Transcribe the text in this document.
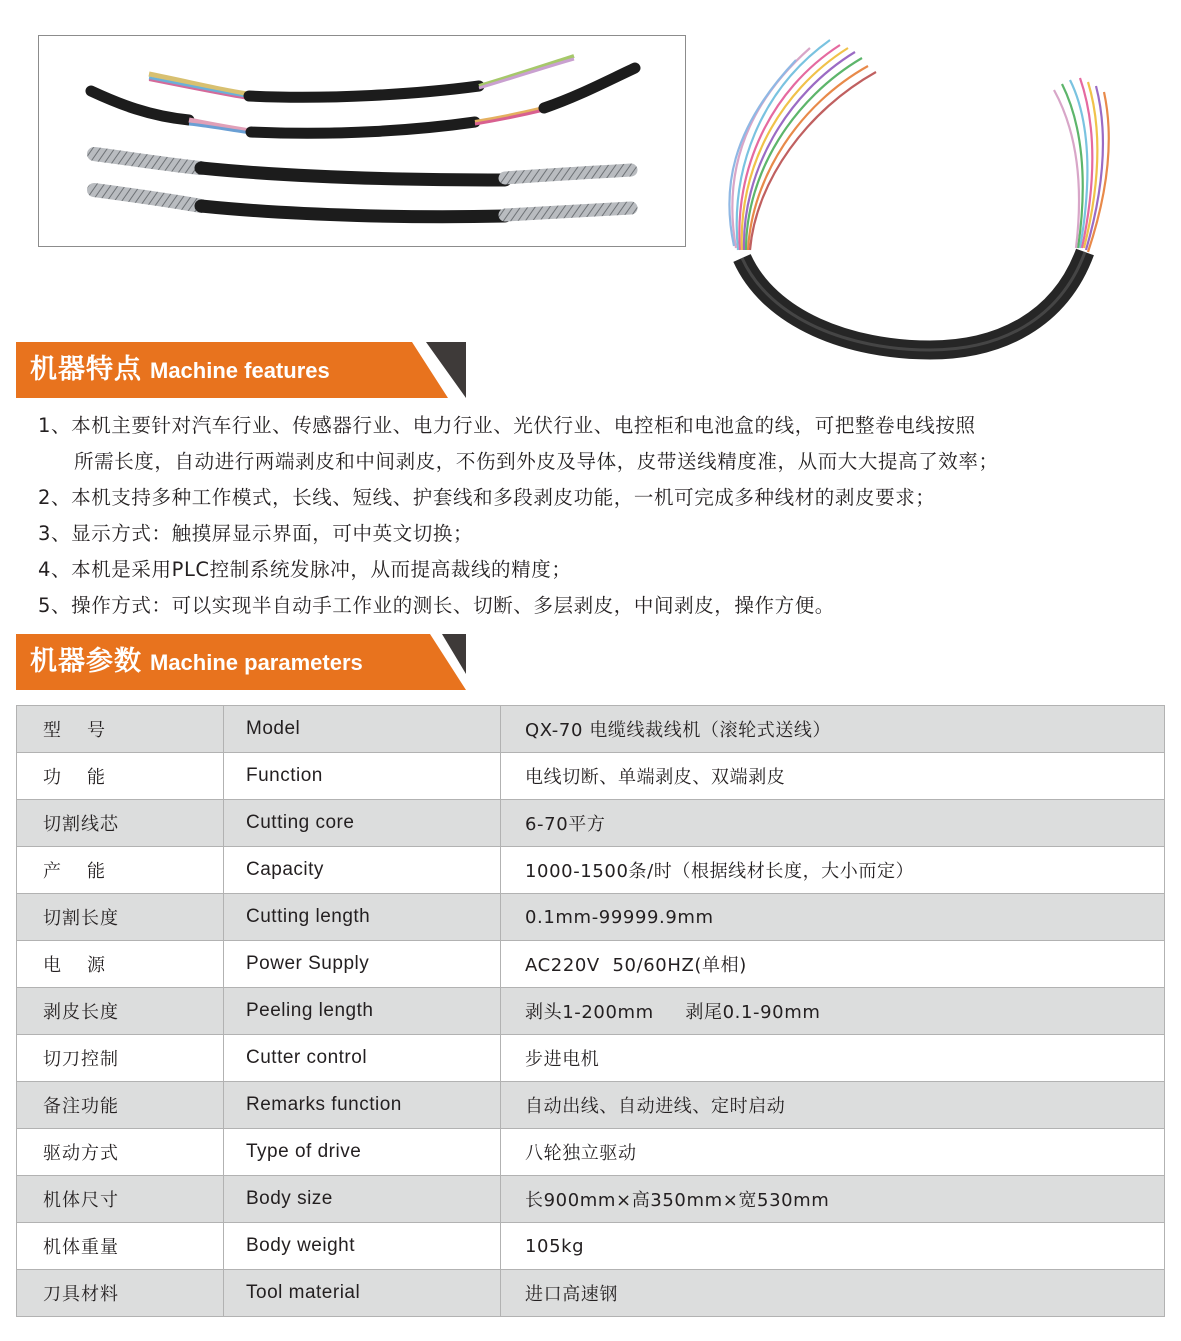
机器特点 Machine features
1、本机主要针对汽车行业、传感器行业、电力行业、光伏行业、电控柜和电池盒的线，可把整卷电线按照
所需长度，自动进行两端剥皮和中间剥皮，不伤到外皮及导体，皮带送线精度准，从而大大提高了效率；
2、本机支持多种工作模式，长线、短线、护套线和多段剥皮功能，一机可完成多种线材的剥皮要求；
3、显示方式：触摸屏显示界面，可中英文切换；
4、本机是采用PLC控制系统发脉冲，从而提高裁线的精度；
5、操作方式：可以实现半自动手工作业的测长、切断、多层剥皮，中间剥皮，操作方便。
机器参数 Machine parameters
型 号	Model	QX-70 电缆线裁线机（滚轮式送线）
功 能	Function	电线切断、单端剥皮、双端剥皮
切割线芯	Cutting core	6-70平方
产 能	Capacity	1000-1500条/时（根据线材长度，大小而定）
切割长度	Cutting length	0.1mm-99999.9mm
电 源	Power Supply	AC220V  50/60HZ(单相)
剥皮长度	Peeling length	剥头1-200mm     剥尾0.1-90mm
切刀控制	Cutter control	步进电机
备注功能	Remarks function	自动出线、自动进线、定时启动
驱动方式	Type of drive	八轮独立驱动
机体尺寸	Body size	长900mm×高350mm×宽530mm
机体重量	Body weight	105kg
刀具材料	Tool material	进口高速钢
